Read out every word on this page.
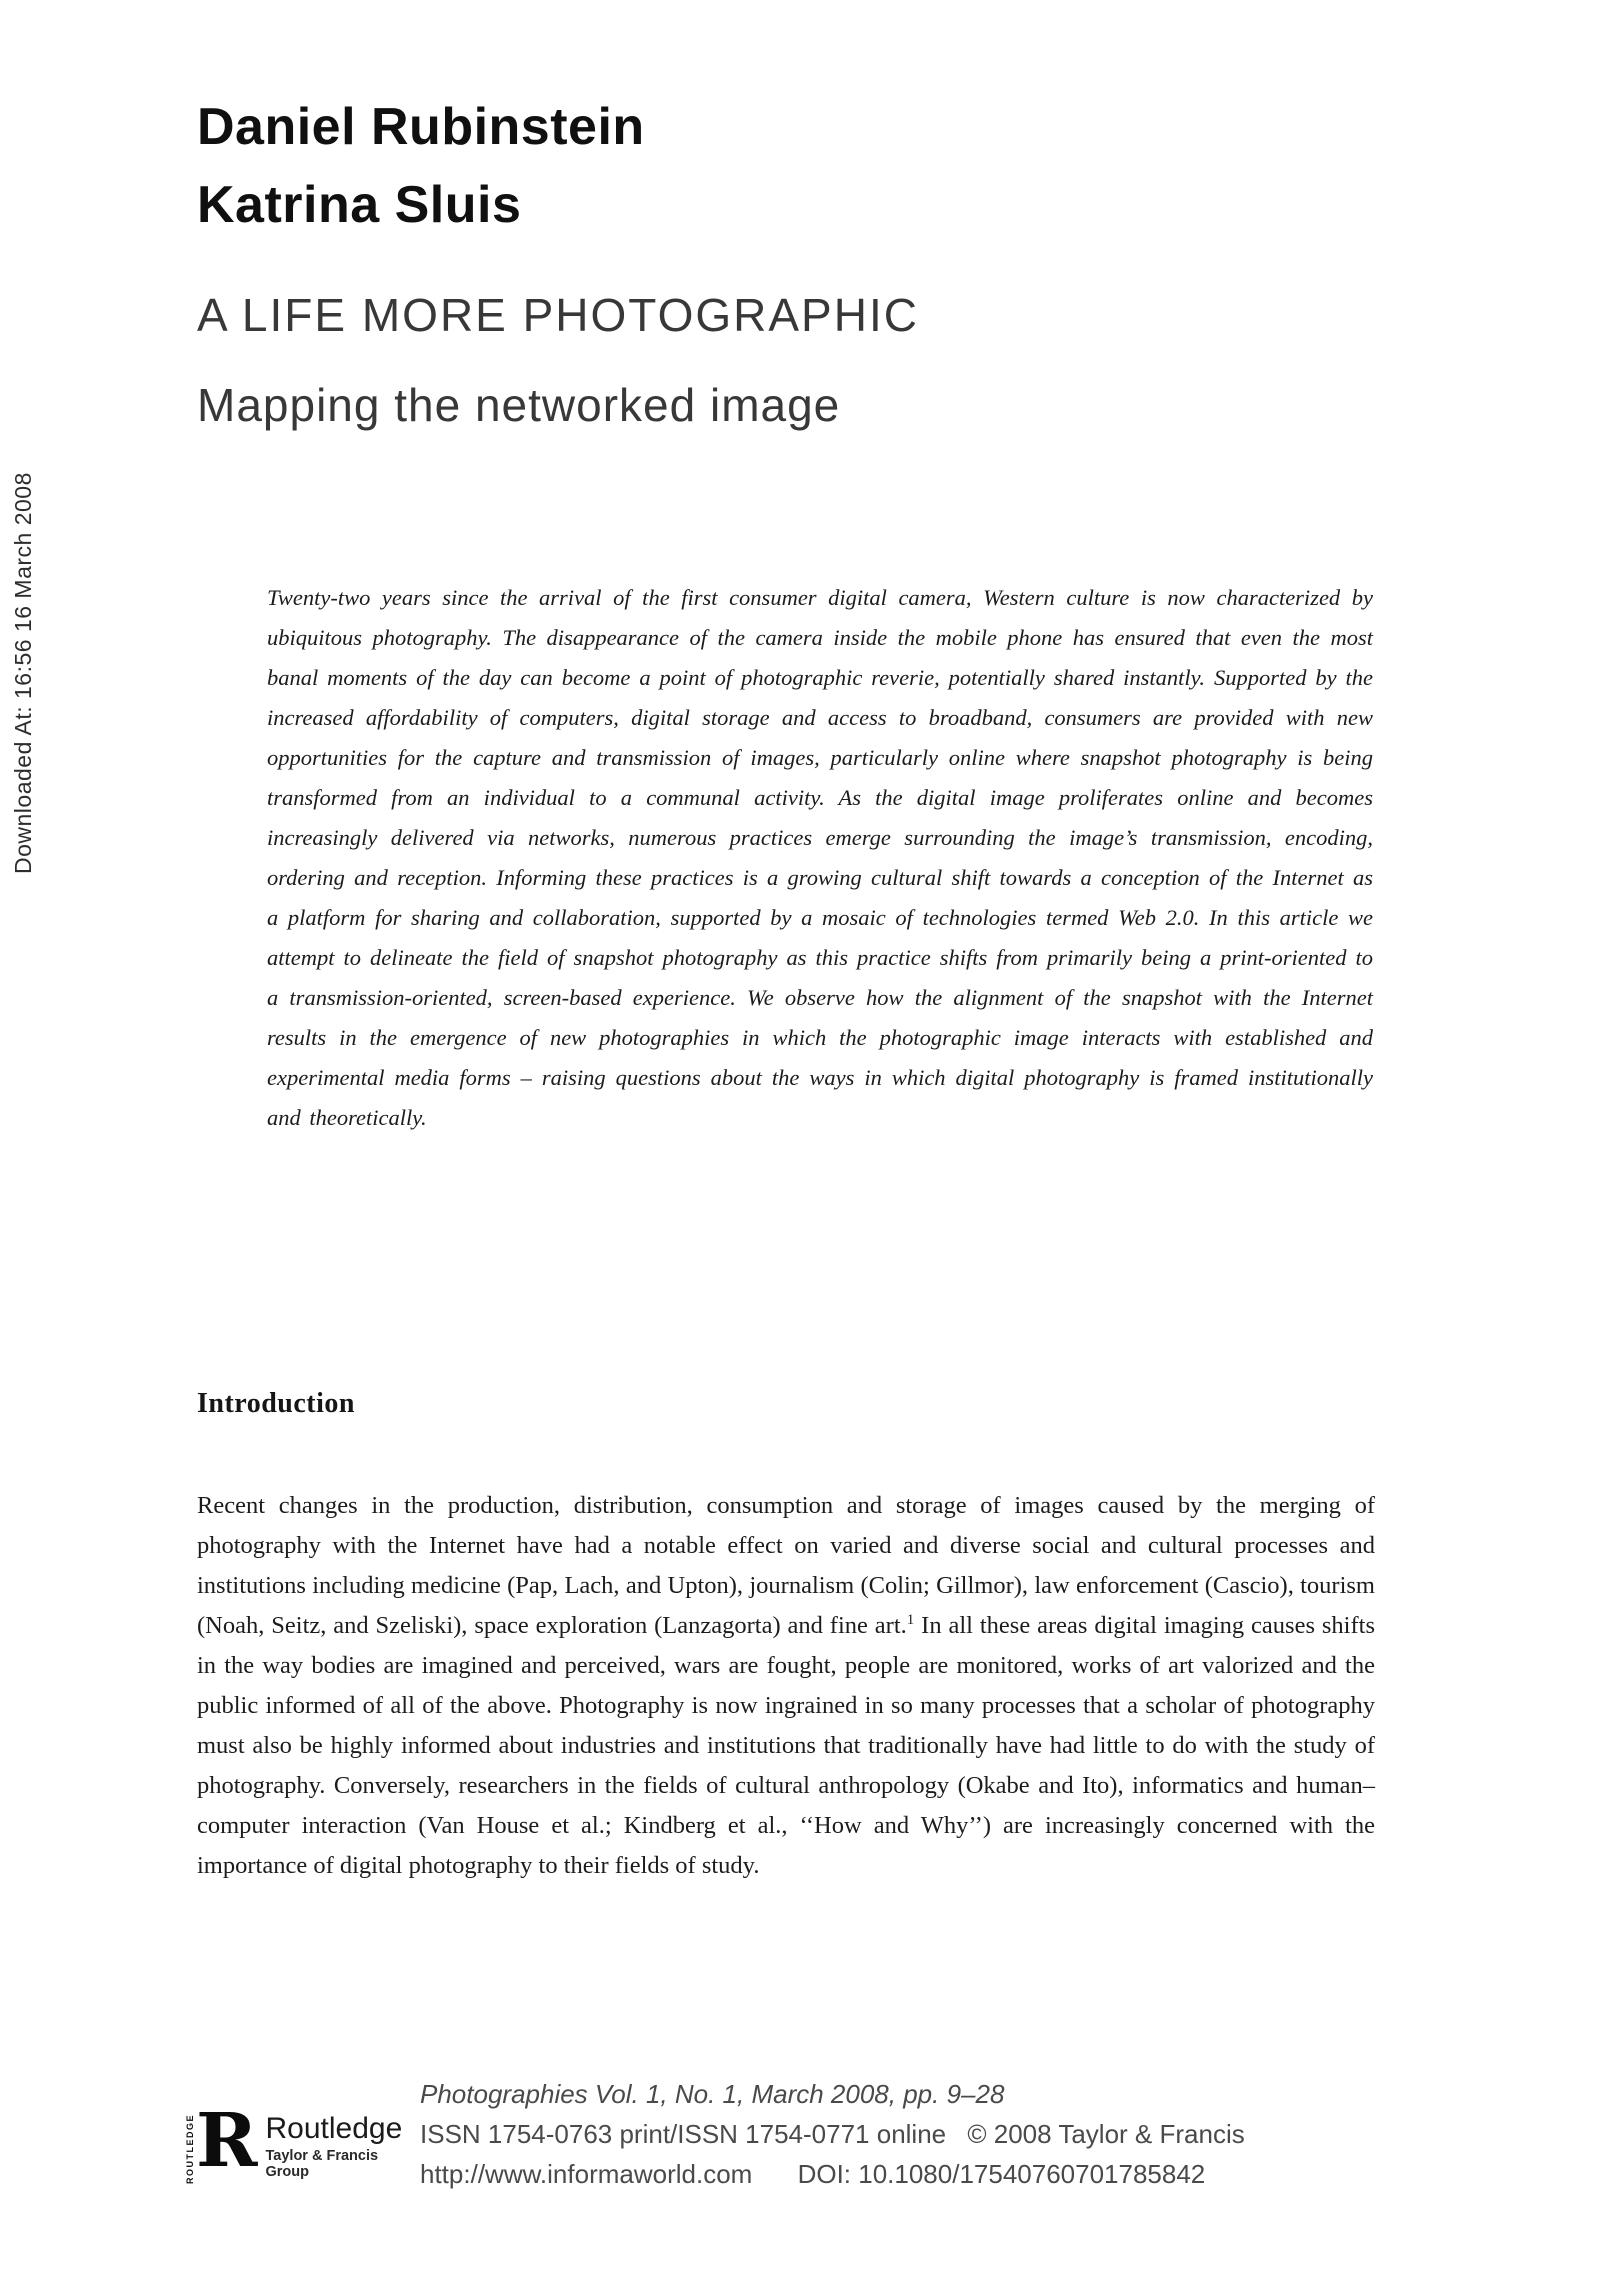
Downloaded At: 16:56 16 March 2008
Daniel Rubinstein
Katrina Sluis
A LIFE MORE PHOTOGRAPHIC
Mapping the networked image
Twenty-two years since the arrival of the first consumer digital camera, Western culture is now characterized by ubiquitous photography. The disappearance of the camera inside the mobile phone has ensured that even the most banal moments of the day can become a point of photographic reverie, potentially shared instantly. Supported by the increased affordability of computers, digital storage and access to broadband, consumers are provided with new opportunities for the capture and transmission of images, particularly online where snapshot photography is being transformed from an individual to a communal activity. As the digital image proliferates online and becomes increasingly delivered via networks, numerous practices emerge surrounding the image’s transmission, encoding, ordering and reception. Informing these practices is a growing cultural shift towards a conception of the Internet as a platform for sharing and collaboration, supported by a mosaic of technologies termed Web 2.0. In this article we attempt to delineate the field of snapshot photography as this practice shifts from primarily being a print-oriented to a transmission-oriented, screen-based experience. We observe how the alignment of the snapshot with the Internet results in the emergence of new photographies in which the photographic image interacts with established and experimental media forms – raising questions about the ways in which digital photography is framed institutionally and theoretically.
Introduction
Recent changes in the production, distribution, consumption and storage of images caused by the merging of photography with the Internet have had a notable effect on varied and diverse social and cultural processes and institutions including medicine (Pap, Lach, and Upton), journalism (Colin; Gillmor), law enforcement (Cascio), tourism (Noah, Seitz, and Szeliski), space exploration (Lanzagorta) and fine art.$^1$ In all these areas digital imaging causes shifts in the way bodies are imagined and perceived, wars are fought, people are monitored, works of art valorized and the public informed of all of the above. Photography is now ingrained in so many processes that a scholar of photography must also be highly informed about industries and institutions that traditionally have had little to do with the study of photography. Conversely, researchers in the fields of cultural anthropology (Okabe and Ito), informatics and human–computer interaction (Van House et al.; Kindberg et al., ‘‘How and Why’’) are increasingly concerned with the importance of digital photography to their fields of study.
ROUTLEDGE R Routledge
Taylor & Francis Group
Photographies Vol. 1, No. 1, March 2008, pp. 9–28
ISSN 1754-0763 print/ISSN 1754-0771 online © 2008 Taylor & Francis
http://www.informaworld.com DOI: 10.1080/17540760701785842
